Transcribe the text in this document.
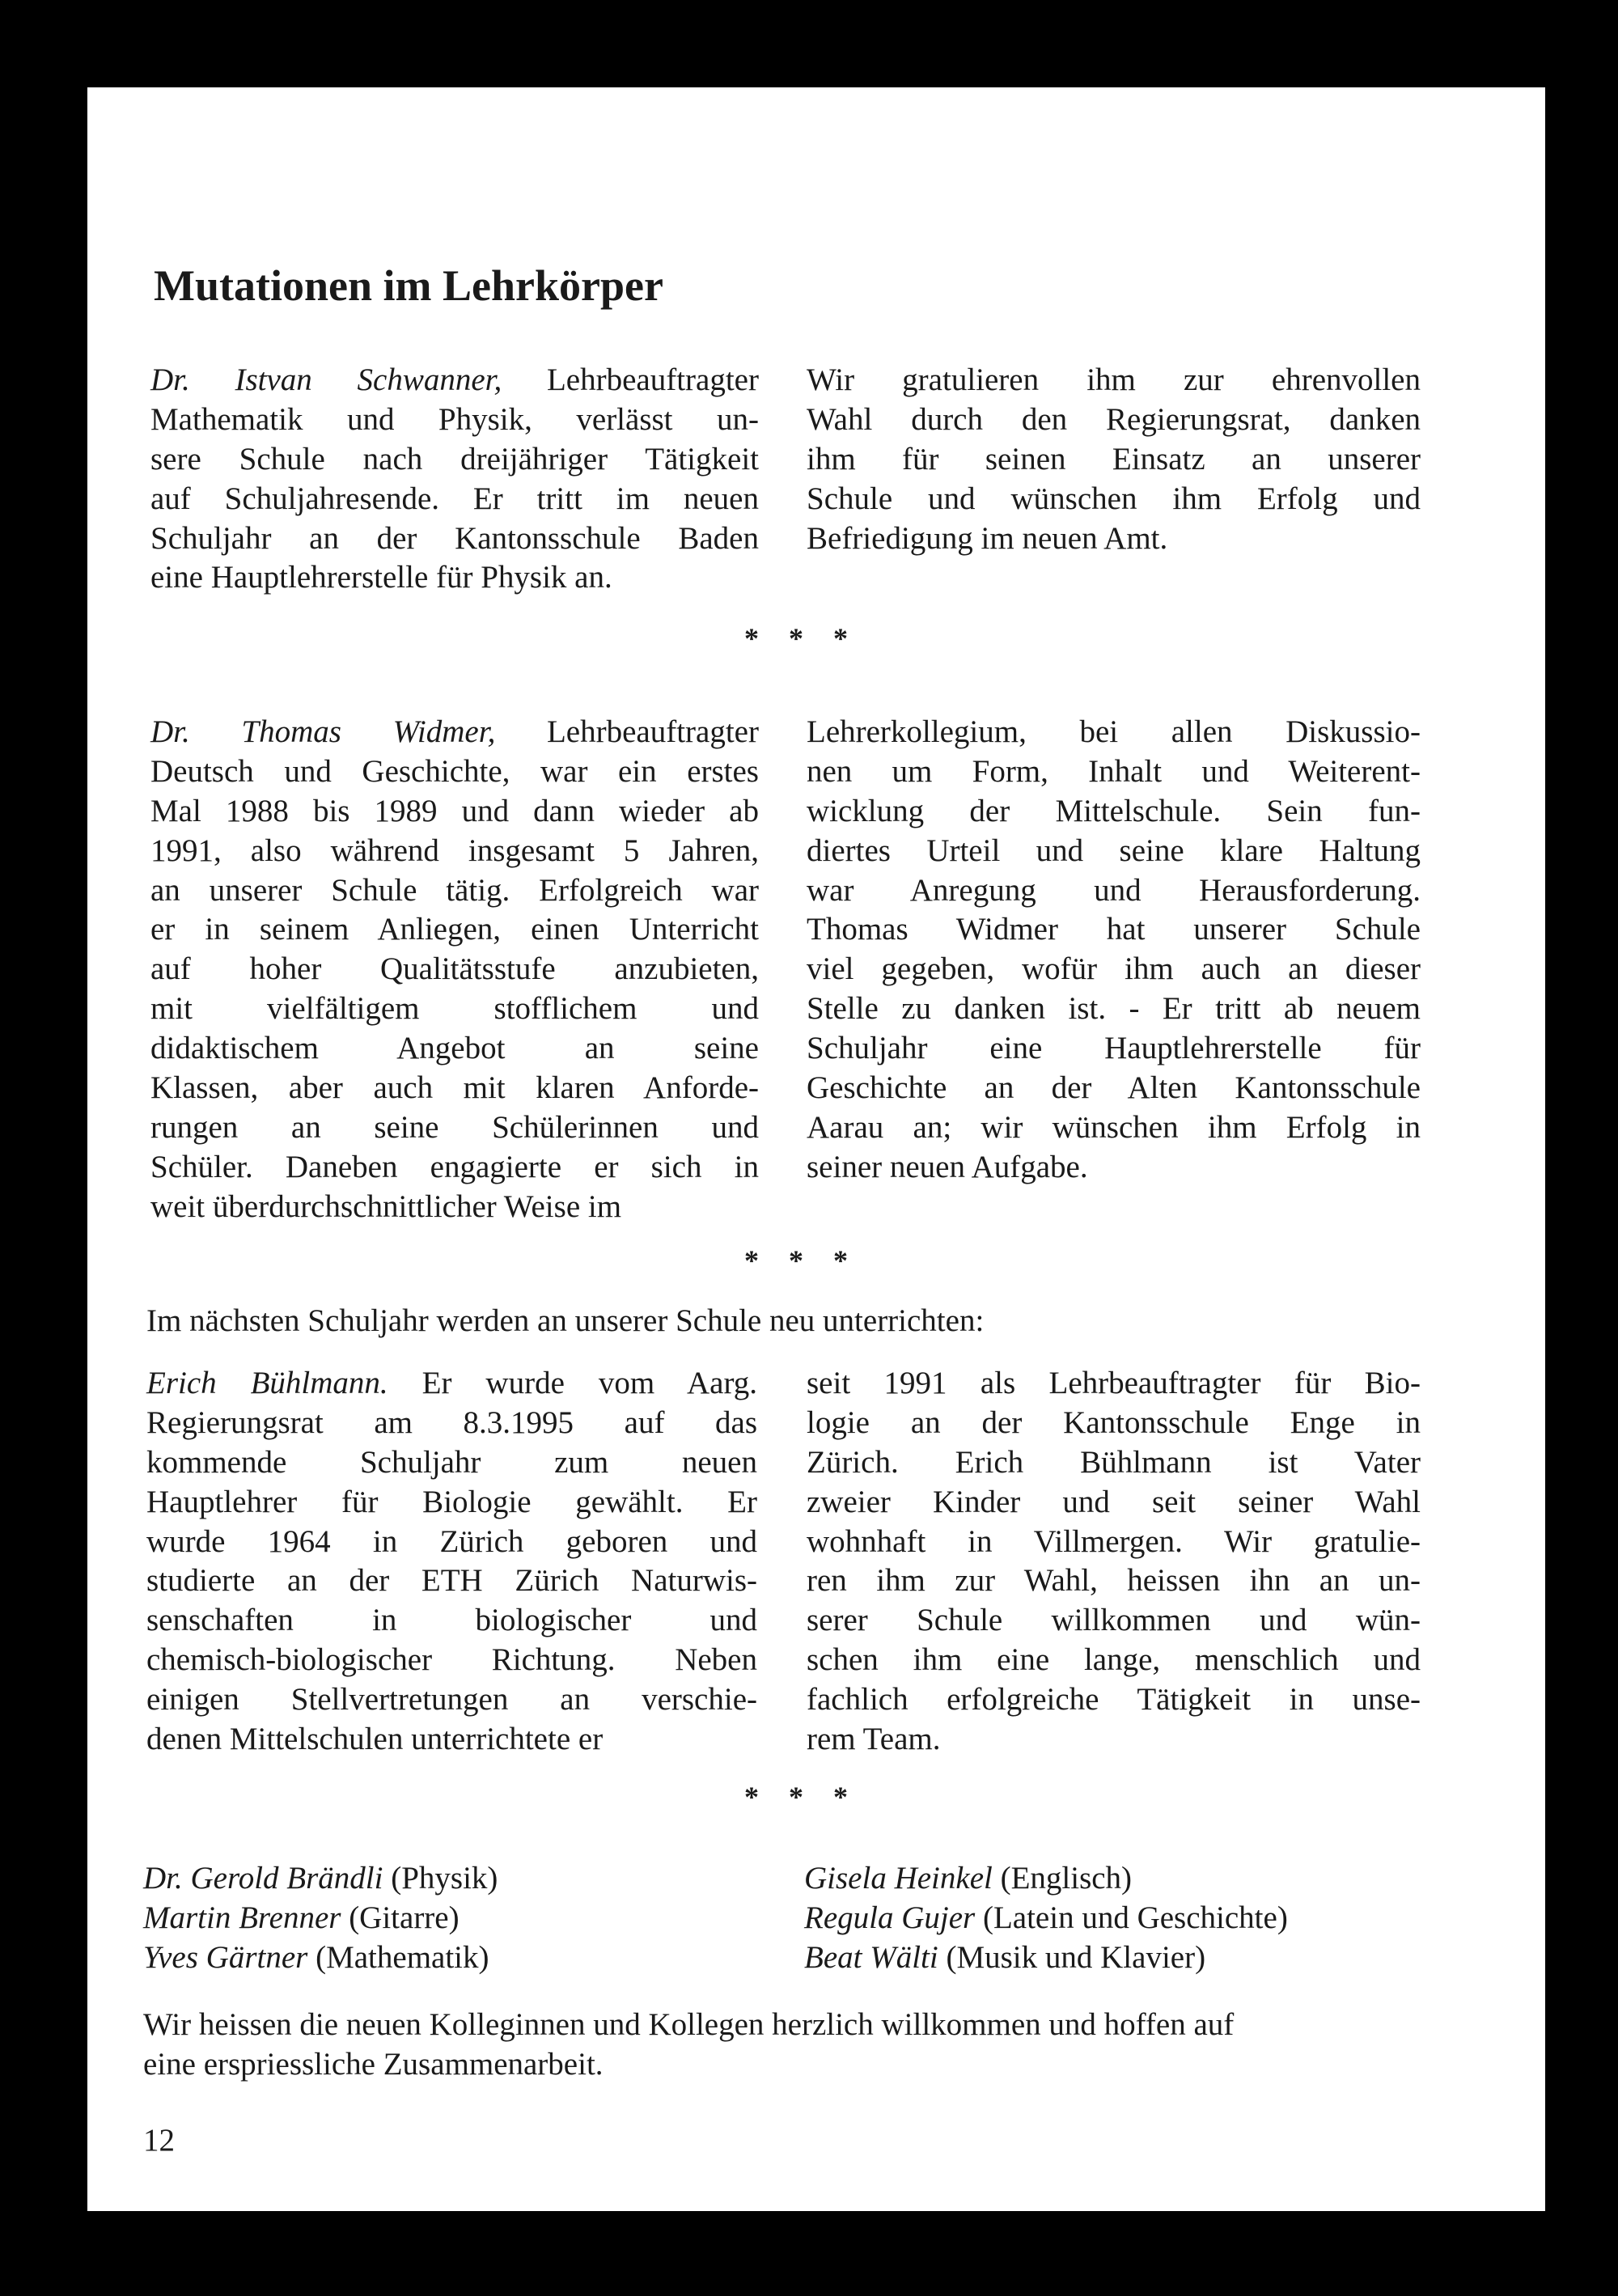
Mutationen im Lehrkörper
Dr. Istvan Schwanner, Lehrbeauftragter
Mathematik und Physik, verlässt un-
sere Schule nach dreijähriger Tätigkeit
auf Schuljahresende. Er tritt im neuen
Schuljahr an der Kantonsschule Baden
eine Hauptlehrerstelle für Physik an.
Wir gratulieren ihm zur ehrenvollen
Wahl durch den Regierungsrat, danken
ihm für seinen Einsatz an unserer
Schule und wünschen ihm Erfolg und
Befriedigung im neuen Amt.
* * *
Dr. Thomas Widmer, Lehrbeauftragter
Deutsch und Geschichte, war ein erstes
Mal 1988 bis 1989 und dann wieder ab
1991, also während insgesamt 5 Jahren,
an unserer Schule tätig. Erfolgreich war
er in seinem Anliegen, einen Unterricht
auf hoher Qualitätsstufe anzubieten,
mit vielfältigem stofflichem und
didaktischem Angebot an seine
Klassen, aber auch mit klaren Anforde-
rungen an seine Schülerinnen und
Schüler. Daneben engagierte er sich in
weit überdurchschnittlicher Weise im
Lehrerkollegium, bei allen Diskussio-
nen um Form, Inhalt und Weiterent-
wicklung der Mittelschule. Sein fun-
diertes Urteil und seine klare Haltung
war Anregung und Herausforderung.
Thomas Widmer hat unserer Schule
viel gegeben, wofür ihm auch an dieser
Stelle zu danken ist. - Er tritt ab neuem
Schuljahr eine Hauptlehrerstelle für
Geschichte an der Alten Kantonsschule
Aarau an; wir wünschen ihm Erfolg in
seiner neuen Aufgabe.
* * *
Im nächsten Schuljahr werden an unserer Schule neu unterrichten:
Erich Bühlmann. Er wurde vom Aarg.
Regierungsrat am 8.3.1995 auf das
kommende Schuljahr zum neuen
Hauptlehrer für Biologie gewählt. Er
wurde 1964 in Zürich geboren und
studierte an der ETH Zürich Naturwis-
senschaften in biologischer und
chemisch-biologischer Richtung. Neben
einigen Stellvertretungen an verschie-
denen Mittelschulen unterrichtete er
seit 1991 als Lehrbeauftragter für Bio-
logie an der Kantonsschule Enge in
Zürich. Erich Bühlmann ist Vater
zweier Kinder und seit seiner Wahl
wohnhaft in Villmergen. Wir gratulie-
ren ihm zur Wahl, heissen ihn an un-
serer Schule willkommen und wün-
schen ihm eine lange, menschlich und
fachlich erfolgreiche Tätigkeit in unse-
rem Team.
* * *
Dr. Gerold Brändli (Physik)
Martin Brenner (Gitarre)
Yves Gärtner (Mathematik)
Gisela Heinkel (Englisch)
Regula Gujer (Latein und Geschichte)
Beat Wälti (Musik und Klavier)
Wir heissen die neuen Kolleginnen und Kollegen herzlich willkommen und hoffen auf
eine erspriessliche Zusammenarbeit.
12
